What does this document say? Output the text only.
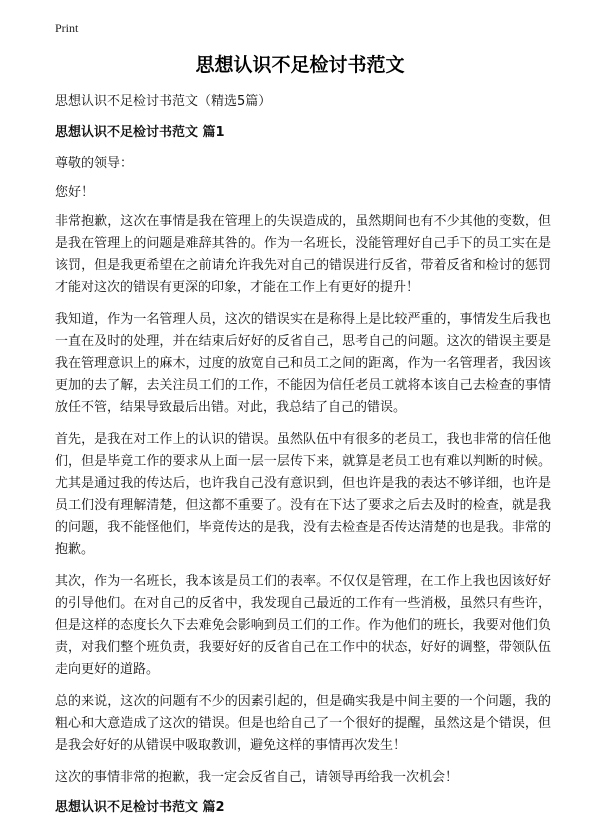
Print
思想认识不足检讨书范文
思想认识不足检讨书范文（精选5篇）
思想认识不足检讨书范文 篇1
尊敬的领导：
您好！
非常抱歉，这次在事情是我在管理上的失误造成的，虽然期间也有不少其他的变数，但是我在管理上的问题是难辞其咎的。作为一名班长，没能管理好自己手下的员工实在是该罚，但是我更希望在之前请允许我先对自己的错误进行反省，带着反省和检讨的惩罚才能对这次的错误有更深的印象，才能在工作上有更好的提升！
我知道，作为一名管理人员，这次的错误实在是称得上是比较严重的，事情发生后我也一直在及时的处理，并在结束后好好的反省自己，思考自己的问题。这次的错误主要是我在管理意识上的麻木，过度的放宽自己和员工之间的距离，作为一名管理者，我因该更加的去了解，去关注员工们的工作，不能因为信任老员工就将本该自己去检查的事情放任不管，结果导致最后出错。对此，我总结了自己的错误。
首先，是我在对工作上的认识的错误。虽然队伍中有很多的老员工，我也非常的信任他们，但是毕竟工作的要求从上面一层一层传下来，就算是老员工也有难以判断的时候。尤其是通过我的传达后，也许我自己没有意识到，但也许是我的表达不够详细，也许是员工们没有理解清楚，但这都不重要了。没有在下达了要求之后去及时的检查，就是我的问题，我不能怪他们，毕竟传达的是我，没有去检查是否传达清楚的也是我。非常的抱歉。
其次，作为一名班长，我本该是员工们的表率。不仅仅是管理，在工作上我也因该好好的引导他们。在对自己的反省中，我发现自己最近的工作有一些消极，虽然只有些许，但是这样的态度长久下去难免会影响到员工们的工作。作为他们的班长，我要对他们负责，对我们整个班负责，我要好好的反省自己在工作中的状态，好好的调整，带领队伍走向更好的道路。
总的来说，这次的问题有不少的因素引起的，但是确实我是中间主要的一个问题，我的粗心和大意造成了这次的错误。但是也给自己了一个很好的提醒，虽然这是个错误，但是我会好好的从错误中吸取教训，避免这样的事情再次发生！
这次的事情非常的抱歉，我一定会反省自己，请领导再给我一次机会！
思想认识不足检讨书范文 篇2
